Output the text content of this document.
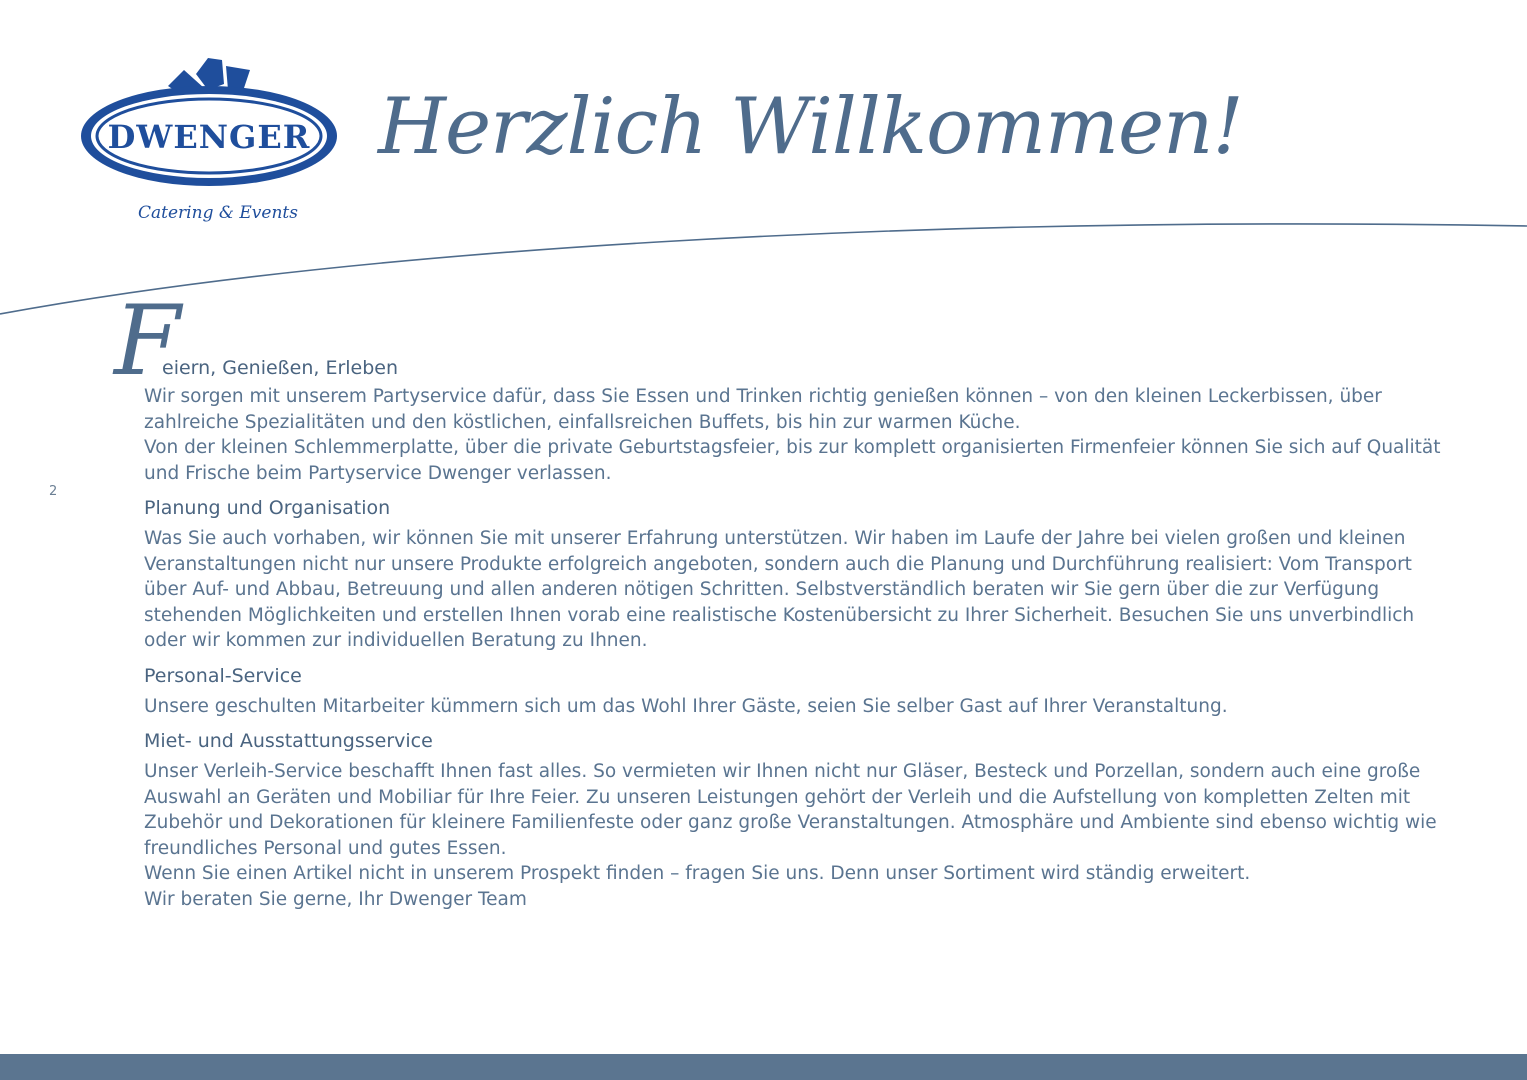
DWENGER
Catering & Events
Herzlich Willkommen!
F
2
eiern, Genießen, Erleben

Wir sorgen mit unserem Partyservice dafür, dass Sie Essen und Trinken richtig genießen können – von den kleinen Leckerbissen, über zahlreiche Spezialitäten und den köstlichen, einfallsreichen Buffets, bis hin zur warmen Küche.

Von der kleinen Schlemmerplatte, über die private Geburtstagsfeier, bis zur komplett organisierten Firmenfeier können Sie sich auf Qualität und Frische beim Partyservice Dwenger verlassen.

Planung und Organisation

Was Sie auch vorhaben, wir können Sie mit unserer Erfahrung unterstützen. Wir haben im Laufe der Jahre bei vielen großen und kleinen Veranstaltungen nicht nur unsere Produkte erfolgreich angeboten, sondern auch die Planung und Durchführung realisiert: Vom Transport über Auf- und Abbau, Betreuung und allen anderen nötigen Schritten. Selbstverständlich beraten wir Sie gern über die zur Verfügung stehenden Möglichkeiten und erstellen Ihnen vorab eine realistische Kostenübersicht zu Ihrer Sicherheit. Besuchen Sie uns unverbindlich oder wir kommen zur individuellen Beratung zu Ihnen.

Personal-Service

Unsere geschulten Mitarbeiter kümmern sich um das Wohl Ihrer Gäste, seien Sie selber Gast auf Ihrer Veranstaltung.

Miet- und Ausstattungsservice

Unser Verleih-Service beschafft Ihnen fast alles. So vermieten wir Ihnen nicht nur Gläser, Besteck und Porzellan, sondern auch eine große Auswahl an Geräten und Mobiliar für Ihre Feier. Zu unseren Leistungen gehört der Verleih und die Aufstellung von kompletten Zelten mit Zubehör und Dekorationen für kleinere Familienfeste oder ganz große Veranstaltungen. Atmosphäre und Ambiente sind ebenso wichtig wie freundliches Personal und gutes Essen.

Wenn Sie einen Artikel nicht in unserem Prospekt finden – fragen Sie uns. Denn unser Sortiment wird ständig erweitert.

Wir beraten Sie gerne, Ihr Dwenger Team
